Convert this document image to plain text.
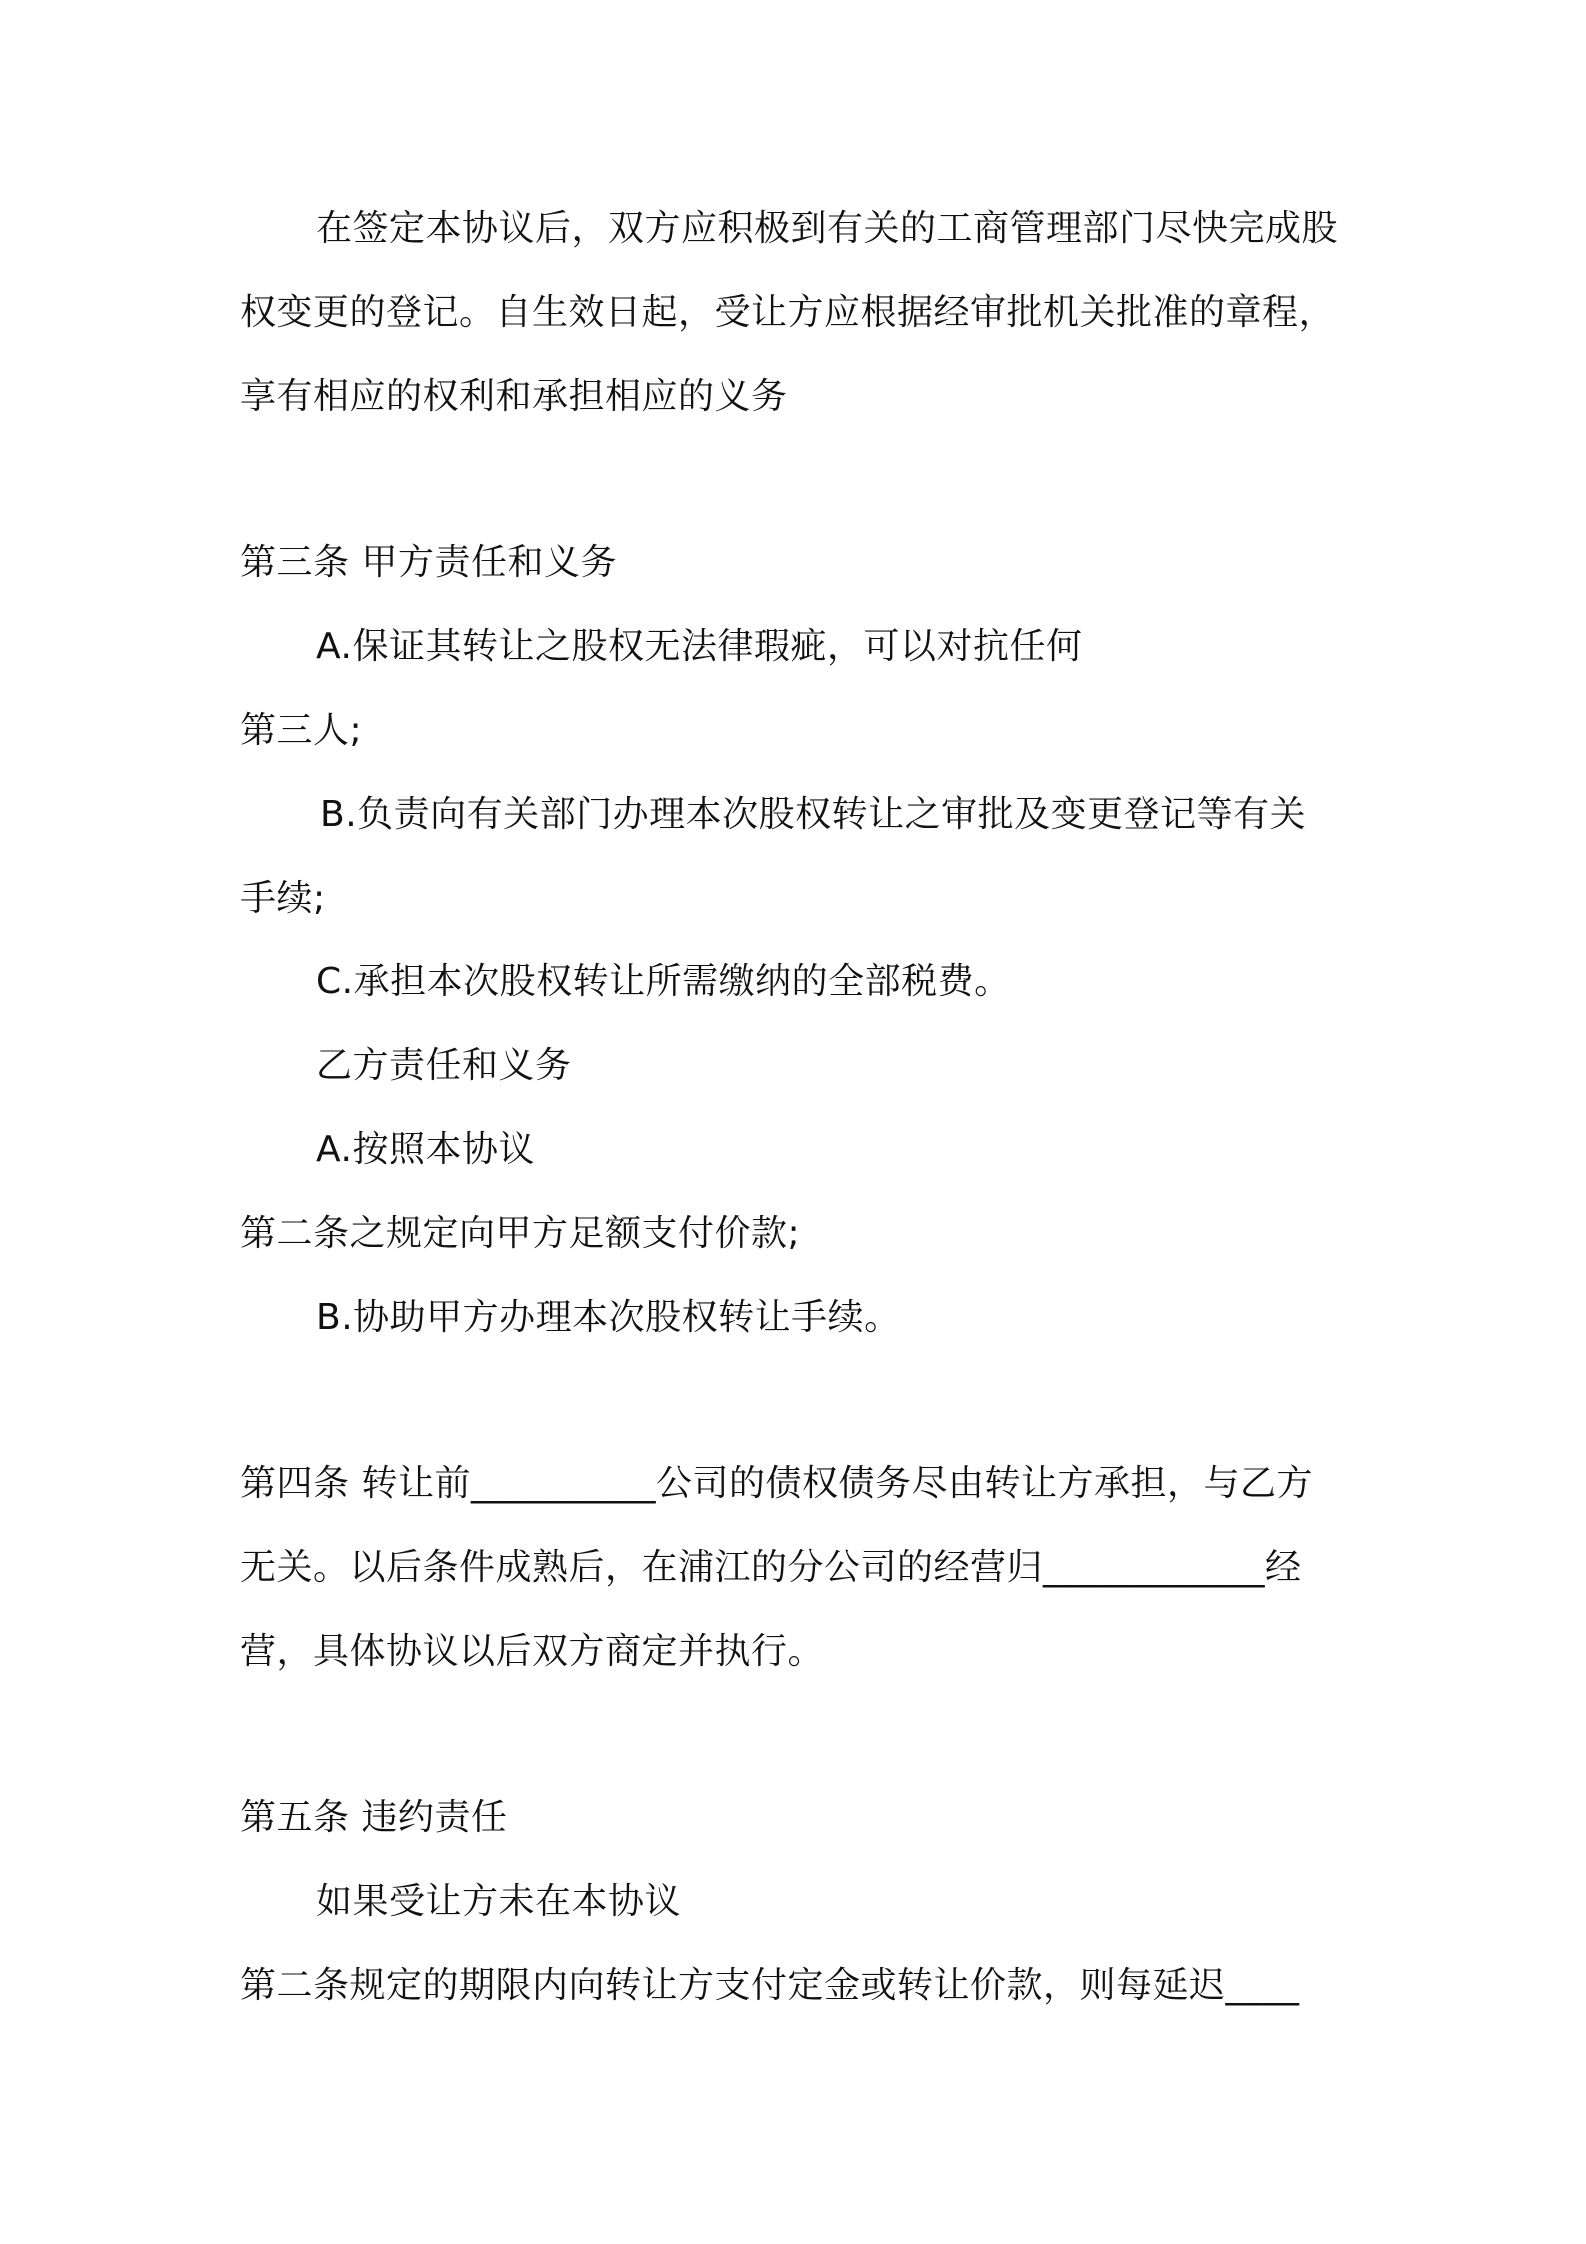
在签定本协议后，双方应积极到有关的工商管理部门尽快完成股
权变更的登记。自生效日起，受让方应根据经审批机关批准的章程，
享有相应的权利和承担相应的义务
第三条 甲方责任和义务
A.保证其转让之股权无法律瑕疵，可以对抗任何
第三人;
B.负责向有关部门办理本次股权转让之审批及变更登记等有关
手续;
C.承担本次股权转让所需缴纳的全部税费。
乙方责任和义务
A.按照本协议
第二条之规定向甲方足额支付价款;
B.协助甲方办理本次股权转让手续。
第四条 转让前__________公司的债权债务尽由转让方承担，与乙方
无关。以后条件成熟后，在浦江的分公司的经营归____________经
营，具体协议以后双方商定并执行。
第五条 违约责任
如果受让方未在本协议
第二条规定的期限内向转让方支付定金或转让价款，则每延迟____
